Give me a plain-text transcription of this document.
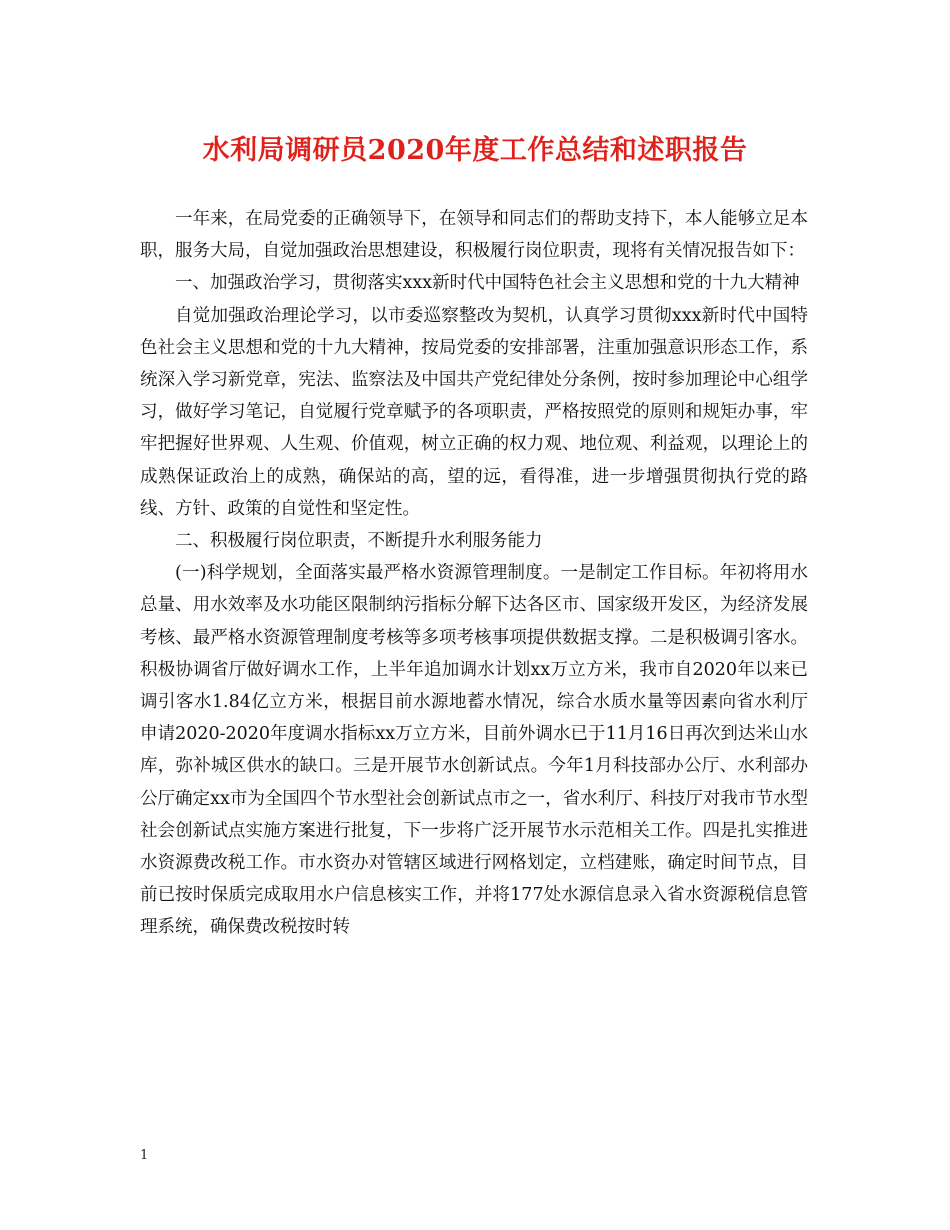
水利局调研员2020年度工作总结和述职报告

一年来，在局党委的正确领导下，在领导和同志们的帮助支持下，本人能够立足本职，服务大局，自觉加强政治思想建设，积极履行岗位职责，现将有关情况报告如下：

一、加强政治学习，贯彻落实xxx新时代中国特色社会主义思想和党的十九大精神

自觉加强政治理论学习，以市委巡察整改为契机，认真学习贯彻xxx新时代中国特色社会主义思想和党的十九大精神，按局党委的安排部署，注重加强意识形态工作，系统深入学习新党章，宪法、监察法及中国共产党纪律处分条例，按时参加理论中心组学习，做好学习笔记，自觉履行党章赋予的各项职责，严格按照党的原则和规矩办事，牢牢把握好世界观、人生观、价值观，树立正确的权力观、地位观、利益观，以理论上的成熟保证政治上的成熟，确保站的高，望的远，看得准，进一步增强贯彻执行党的路线、方针、政策的自觉性和坚定性。

二、积极履行岗位职责，不断提升水利服务能力

(一)科学规划，全面落实最严格水资源管理制度。一是制定工作目标。年初将用水总量、用水效率及水功能区限制纳污指标分解下达各区市、国家级开发区，为经济发展考核、最严格水资源管理制度考核等多项考核事项提供数据支撑。二是积极调引客水。积极协调省厅做好调水工作，上半年追加调水计划xx万立方米，我市自2020年以来已调引客水1.84亿立方米，根据目前水源地蓄水情况，综合水质水量等因素向省水利厅申请2020-2020年度调水指标xx万立方米，目前外调水已于11月16日再次到达米山水库，弥补城区供水的缺口。三是开展节水创新试点。今年1月科技部办公厅、水利部办公厅确定xx市为全国四个节水型社会创新试点市之一，省水利厅、科技厅对我市节水型社会创新试点实施方案进行批复，下一步将广泛开展节水示范相关工作。四是扎实推进水资源费改税工作。市水资办对管辖区域进行网格划定，立档建账，确定时间节点，目前已按时保质完成取用水户信息核实工作，并将177处水源信息录入省水资源税信息管理系统，确保费改税按时转

1
